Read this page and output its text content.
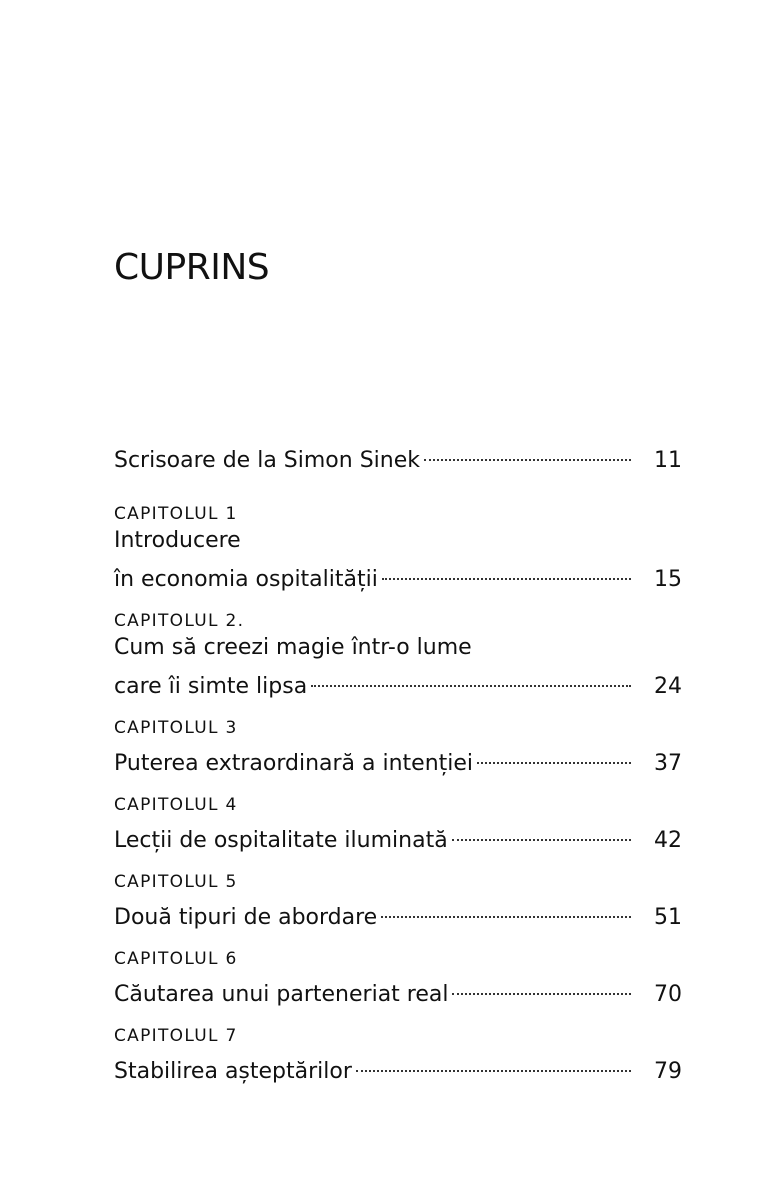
CUPRINS
Scrisoare de la Simon Sinek	11
CAPITOLUL 1
Introducere
în economia ospitalității	15
CAPITOLUL 2.
Cum să creezi magie într-o lume
care îi simte lipsa	24
CAPITOLUL 3
Puterea extraordinară a intenției	37
CAPITOLUL 4
Lecții de ospitalitate iluminată	42
CAPITOLUL 5
Două tipuri de abordare	51
CAPITOLUL 6
Căutarea unui parteneriat real	70
CAPITOLUL 7
Stabilirea așteptărilor	79
